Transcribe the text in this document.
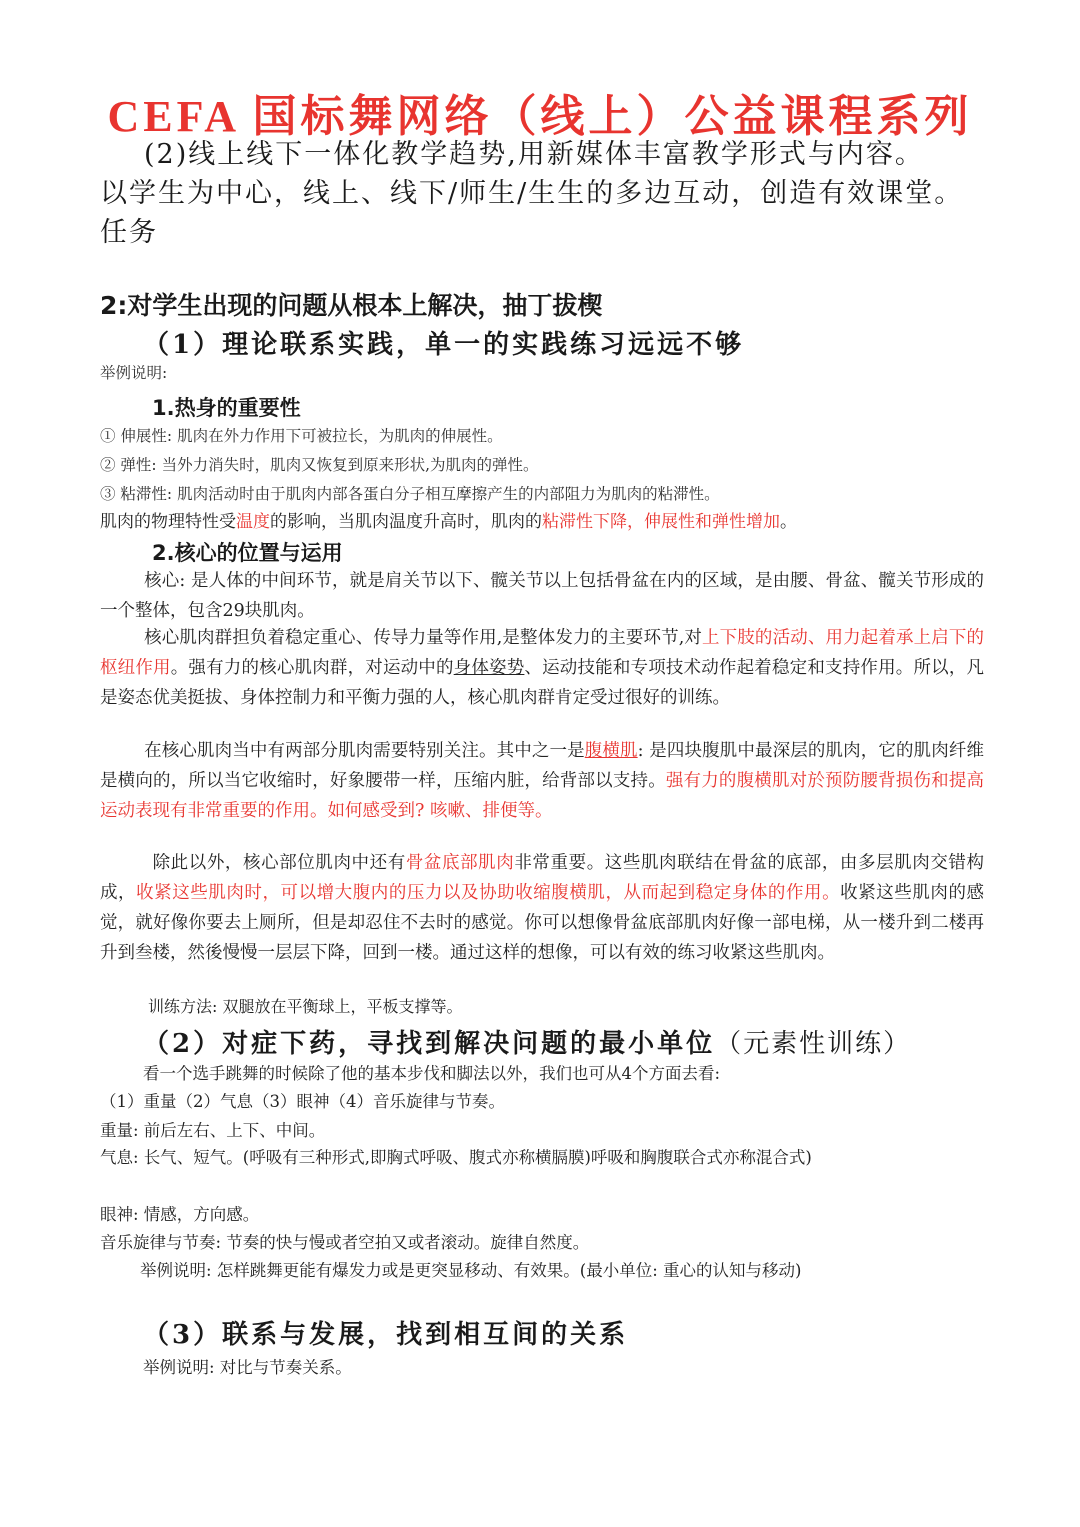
CEFA 国标舞网络（线上）公益课程系列
(2)线上线下一体化教学趋势,用新媒体丰富教学形式与内容。
以学生为中心，线上、线下/师生/生生的多边互动，创造有效课堂。
任务
2:对学生出现的问题从根本上解决，抽丁拔楔
（1）理论联系实践，单一的实践练习远远不够

举例说明:

1.热身的重要性

① 伸展性: 肌肉在外力作用下可被拉长，为肌肉的伸展性。

② 弹性: 当外力消失时，肌肉又恢复到原来形状,为肌肉的弹性。

③ 粘滞性: 肌肉活动时由于肌肉内部各蛋白分子相互摩擦产生的内部阻力为肌肉的粘滞性。

肌肉的物理特性受温度的影响，当肌肉温度升高时，肌肉的粘滞性下降，伸展性和弹性增加。
2.核心的位置与运用
核心: 是人体的中间环节，就是肩关节以下、髋关节以上包括骨盆在内的区域，是由腰、骨盆、髋关节形成的一个整体，包含29块肌肉。
核心肌肉群担负着稳定重心、传导力量等作用,是整体发力的主要环节,对上下肢的活动、用力起着承上启下的枢纽作用。强有力的核心肌肉群，对运动中的身体姿势、运动技能和专项技术动作起着稳定和支持作用。所以，凡是姿态优美挺拔、身体控制力和平衡力强的人，核心肌肉群肯定受过很好的训练。
在核心肌肉当中有两部分肌肉需要特别关注。其中之一是腹横肌: 是四块腹肌中最深层的肌肉，它的肌肉纤维是横向的，所以当它收缩时，好象腰带一样，压缩内脏，给背部以支持。强有力的腹横肌对於预防腰背损伤和提高运动表现有非常重要的作用。如何感受到? 咳嗽、排便等。
除此以外，核心部位肌肉中还有骨盆底部肌肉非常重要。这些肌肉联结在骨盆的底部，由多层肌肉交错构成，收紧这些肌肉时，可以增大腹内的压力以及协助收缩腹横肌，从而起到稳定身体的作用。收紧这些肌肉的感觉，就好像你要去上厕所，但是却忍住不去时的感觉。你可以想像骨盆底部肌肉好像一部电梯，从一楼升到二楼再升到叁楼，然後慢慢一层层下降，回到一楼。通过这样的想像，可以有效的练习收紧这些肌肉。
训练方法: 双腿放在平衡球上，平板支撑等。
（2）对症下药，寻找到解决问题的最小单位（元素性训练）
看一个选手跳舞的时候除了他的基本步伐和脚法以外，我们也可从4个方面去看:
（1）重量（2）气息（3）眼神（4）音乐旋律与节奏。
重量: 前后左右、上下、中间。
气息: 长气、短气。(呼吸有三种形式,即胸式呼吸、腹式亦称横膈膜)呼吸和胸腹联合式亦称混合式)
眼神: 情感，方向感。
音乐旋律与节奏: 节奏的快与慢或者空拍又或者滚动。旋律自然度。
举例说明: 怎样跳舞更能有爆发力或是更突显移动、有效果。(最小单位: 重心的认知与移动)
（3）联系与发展，找到相互间的关系
举例说明: 对比与节奏关系。
